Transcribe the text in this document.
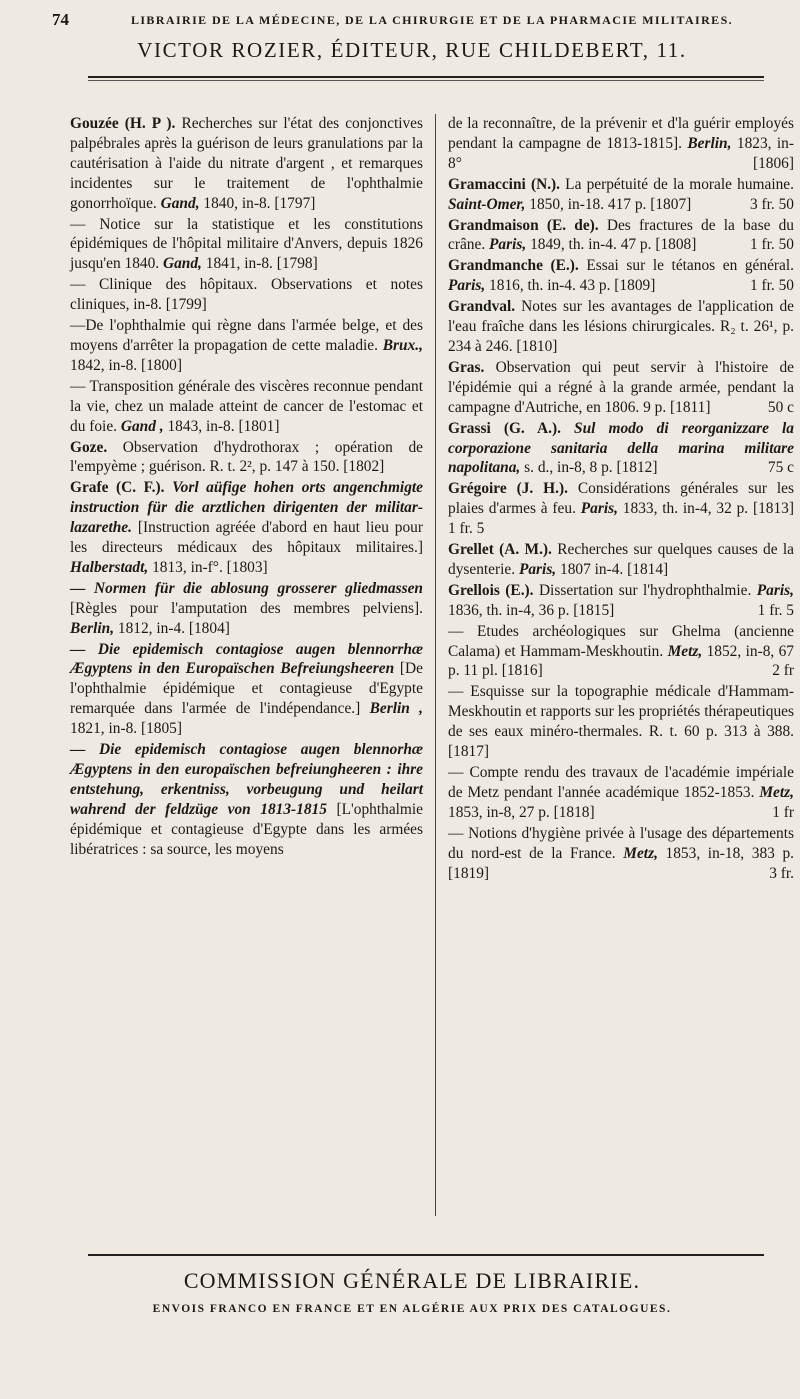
74	LIBRAIRIE DE LA MÉDECINE, DE LA CHIRURGIE ET DE LA PHARMACIE MILITAIRES.
VICTOR ROZIER, ÉDITEUR, RUE CHILDEBERT, 11.

Gouzée (H. P ). Recherches sur l'état des conjonctives palpébrales après la guérison de leurs granulations par la cautérisation à l'aide du nitrate d'argent , et remarques incidentes sur le traitement de l'ophthalmie gonorrhoïque. Gand, 1840, in-8. [1797]

— Notice sur la statistique et les constitutions épidémiques de l'hôpital militaire d'Anvers, depuis 1826 jusqu'en 1840. Gand, 1841, in-8. [1798]

— Clinique des hôpitaux. Observations et notes cliniques, in-8. [1799]

—De l'ophthalmie qui règne dans l'armée belge, et des moyens d'arrêter la propagation de cette maladie. Brux., 1842, in-8. [1800]

— Transposition générale des viscères reconnue pendant la vie, chez un malade atteint de cancer de l'estomac et du foie. Gand , 1843, in-8. [1801]

Goze. Observation d'hydrothorax ; opération de l'empyème ; guérison. R. t. 2², p. 147 à 150. [1802]

Grafe (C. F.). Vorl aüfige hohen orts angenchmigte instruction für die arztlichen dirigenten der militar-lazarethe. [Instruction agréée d'abord en haut lieu pour les directeurs médicaux des hôpitaux militaires.] Halberstadt, 1813, in-f°. [1803]

— Normen für die ablosung grosserer gliedmassen [Règles pour l'amputation des membres pelviens]. Berlin, 1812, in-4. [1804]

— Die epidemisch contagiose augen blennorrhæ Ægyptens in den Europaïschen Befreiungsheeren [De l'ophthalmie épidémique et contagieuse d'Egypte remarquée dans l'armée de l'indépendance.] Berlin , 1821, in-8. [1805]

— Die epidemisch contagiose augen blennorhæ Ægyptens in den europaïschen befreiungheeren : ihre entstehung, erkentniss, vorbeugung und heilart wahrend der feldzüge von 1813-1815 [L'ophthalmie épidémique et contagieuse d'Egypte dans les armées libératrices : sa source, les moyens

de la reconnaître, de la prévenir et d'la guérir employés pendant la campagne de 1813-1815]. Berlin, 1823, in-8°	[1806]

Gramaccini (N.). La perpétuité de la morale humaine. Saint-Omer, 1850, in-18. 417 p. [1807]	3 fr. 50

Grandmaison (E. de). Des fractures de la base du crâne. Paris, 1849, th. in-4. 47 p. [1808]	1 fr. 50

Grandmanche (E.). Essai sur le tétanos en général. Paris, 1816, th. in-4. 43 p. [1809]	1 fr. 50

Grandval. Notes sur les avantages de l'application de l'eau fraîche dans les lésions chirurgicales. R₂ t. 26¹, p. 234 à 246. [1810]

Gras. Observation qui peut servir à l'histoire de l'épidémie qui a régné à la grande armée, pendant la campagne d'Autriche, en 1806. 9 p. [1811]	50 c

Grassi (G. A.). Sul modo di reorganizzare la corporazione sanitaria della marina militare napolitana, s. d., in-8, 8 p. [1812]	75 c

Grégoire (J. H.). Considérations générales sur les plaies d'armes à feu. Paris, 1833, th. in-4, 32 p. [1813] 1 fr. 5

Grellet (A. M.). Recherches sur quelques causes de la dysenterie. Paris, 1807 in-4. [1814]

Grellois (E.). Dissertation sur l'hydrophthalmie. Paris, 1836, th. in-4, 36 p. [1815]	1 fr. 5

— Etudes archéologiques sur Ghelma (ancienne Calama) et Hammam-Meskhoutin. Metz, 1852, in-8, 67 p. 11 pl. [1816]	2 fr

— Esquisse sur la topographie médicale d'Hammam-Meskhoutin et rapports sur les propriétés thérapeutiques de ses eaux minéro-thermales. R. t. 60 p. 313 à 388. [1817]

— Compte rendu des travaux de l'académie impériale de Metz pendant l'année académique 1852-1853. Metz, 1853, in-8, 27 p. [1818]	1 fr

— Notions d'hygiène privée à l'usage des départements du nord-est de la France. Metz, 1853, in-18, 383 p. [1819]	3 fr.

COMMISSION GÉNÉRALE DE LIBRAIRIE.
ENVOIS FRANCO EN FRANCE ET EN ALGÉRIE AUX PRIX DES CATALOGUES.
